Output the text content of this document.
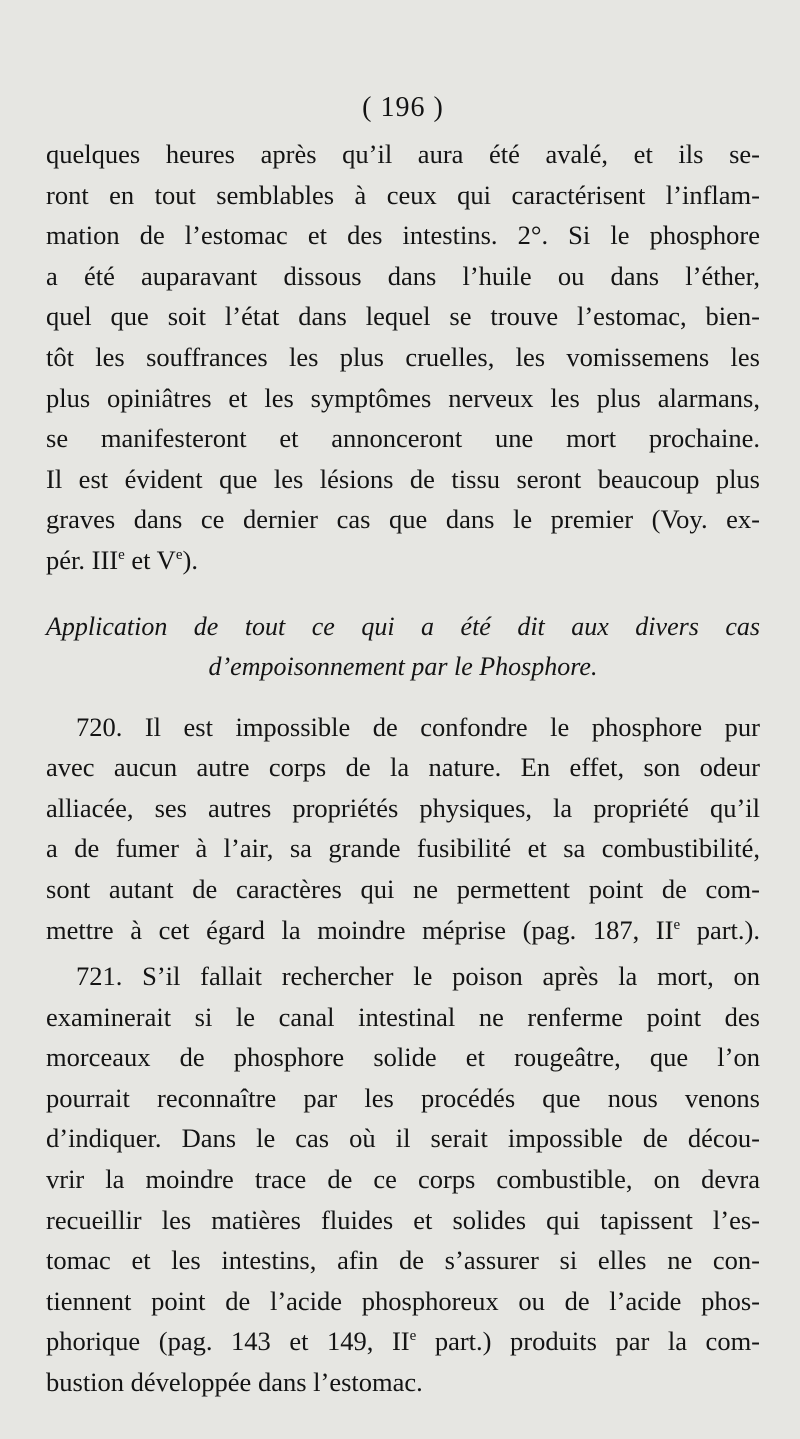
( 196 )
quelques heures après qu’il aura été avalé, et ils se-
ront en tout semblables à ceux qui caractérisent l’inflam-
mation de l’estomac et des intestins. 2°. Si le phosphore
a été auparavant dissous dans l’huile ou dans l’éther,
quel que soit l’état dans lequel se trouve l’estomac, bien-
tôt les souffrances les plus cruelles, les vomissemens les
plus opiniâtres et les symptômes nerveux les plus alarmans,
se manifesteront et annonceront une mort prochaine.
Il est évident que les lésions de tissu seront beaucoup plus
graves dans ce dernier cas que dans le premier (Voy. ex-
pér. IIIe et Ve).
Application de tout ce qui a été dit aux divers cas
d’empoisonnement par le Phosphore.
720. Il est impossible de confondre le phosphore pur
avec aucun autre corps de la nature. En effet, son odeur
alliacée, ses autres propriétés physiques, la propriété qu’il
a de fumer à l’air, sa grande fusibilité et sa combustibilité,
sont autant de caractères qui ne permettent point de com-
mettre à cet égard la moindre méprise (pag. 187, IIe part.).
721. S’il fallait rechercher le poison après la mort, on
examinerait si le canal intestinal ne renferme point des
morceaux de phosphore solide et rougeâtre, que l’on
pourrait reconnaître par les procédés que nous venons
d’indiquer. Dans le cas où il serait impossible de décou-
vrir la moindre trace de ce corps combustible, on devra
recueillir les matières fluides et solides qui tapissent l’es-
tomac et les intestins, afin de s’assurer si elles ne con-
tiennent point de l’acide phosphoreux ou de l’acide phos-
phorique (pag. 143 et 149, IIe part.) produits par la com-
bustion développée dans l’estomac.
